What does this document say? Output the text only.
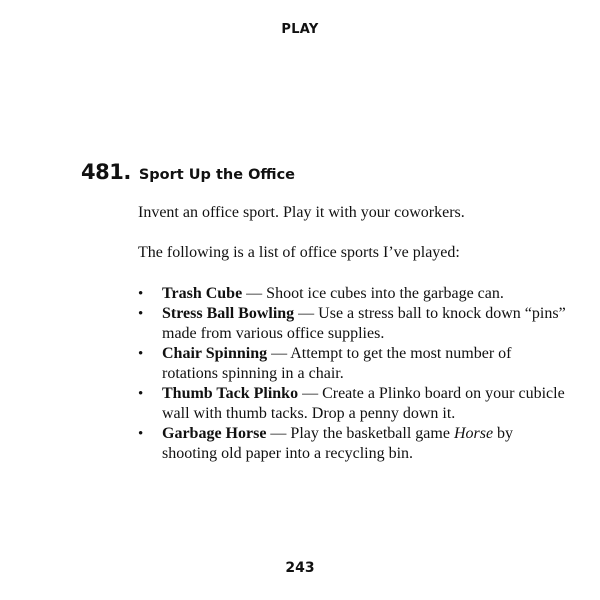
PLAY
481. Sport Up the Office

Invent an office sport. Play it with your coworkers.

The following is a list of office sports I’ve played:

• Trash Cube — Shoot ice cubes into the garbage can.
• Stress Ball Bowling — Use a stress ball to knock down “pins” made from various office supplies.
• Chair Spinning — Attempt to get the most number of rotations spinning in a chair.
• Thumb Tack Plinko — Create a Plinko board on your cubicle wall with thumb tacks. Drop a penny down it.
• Garbage Horse — Play the basketball game Horse by shooting old paper into a recycling bin.
243
